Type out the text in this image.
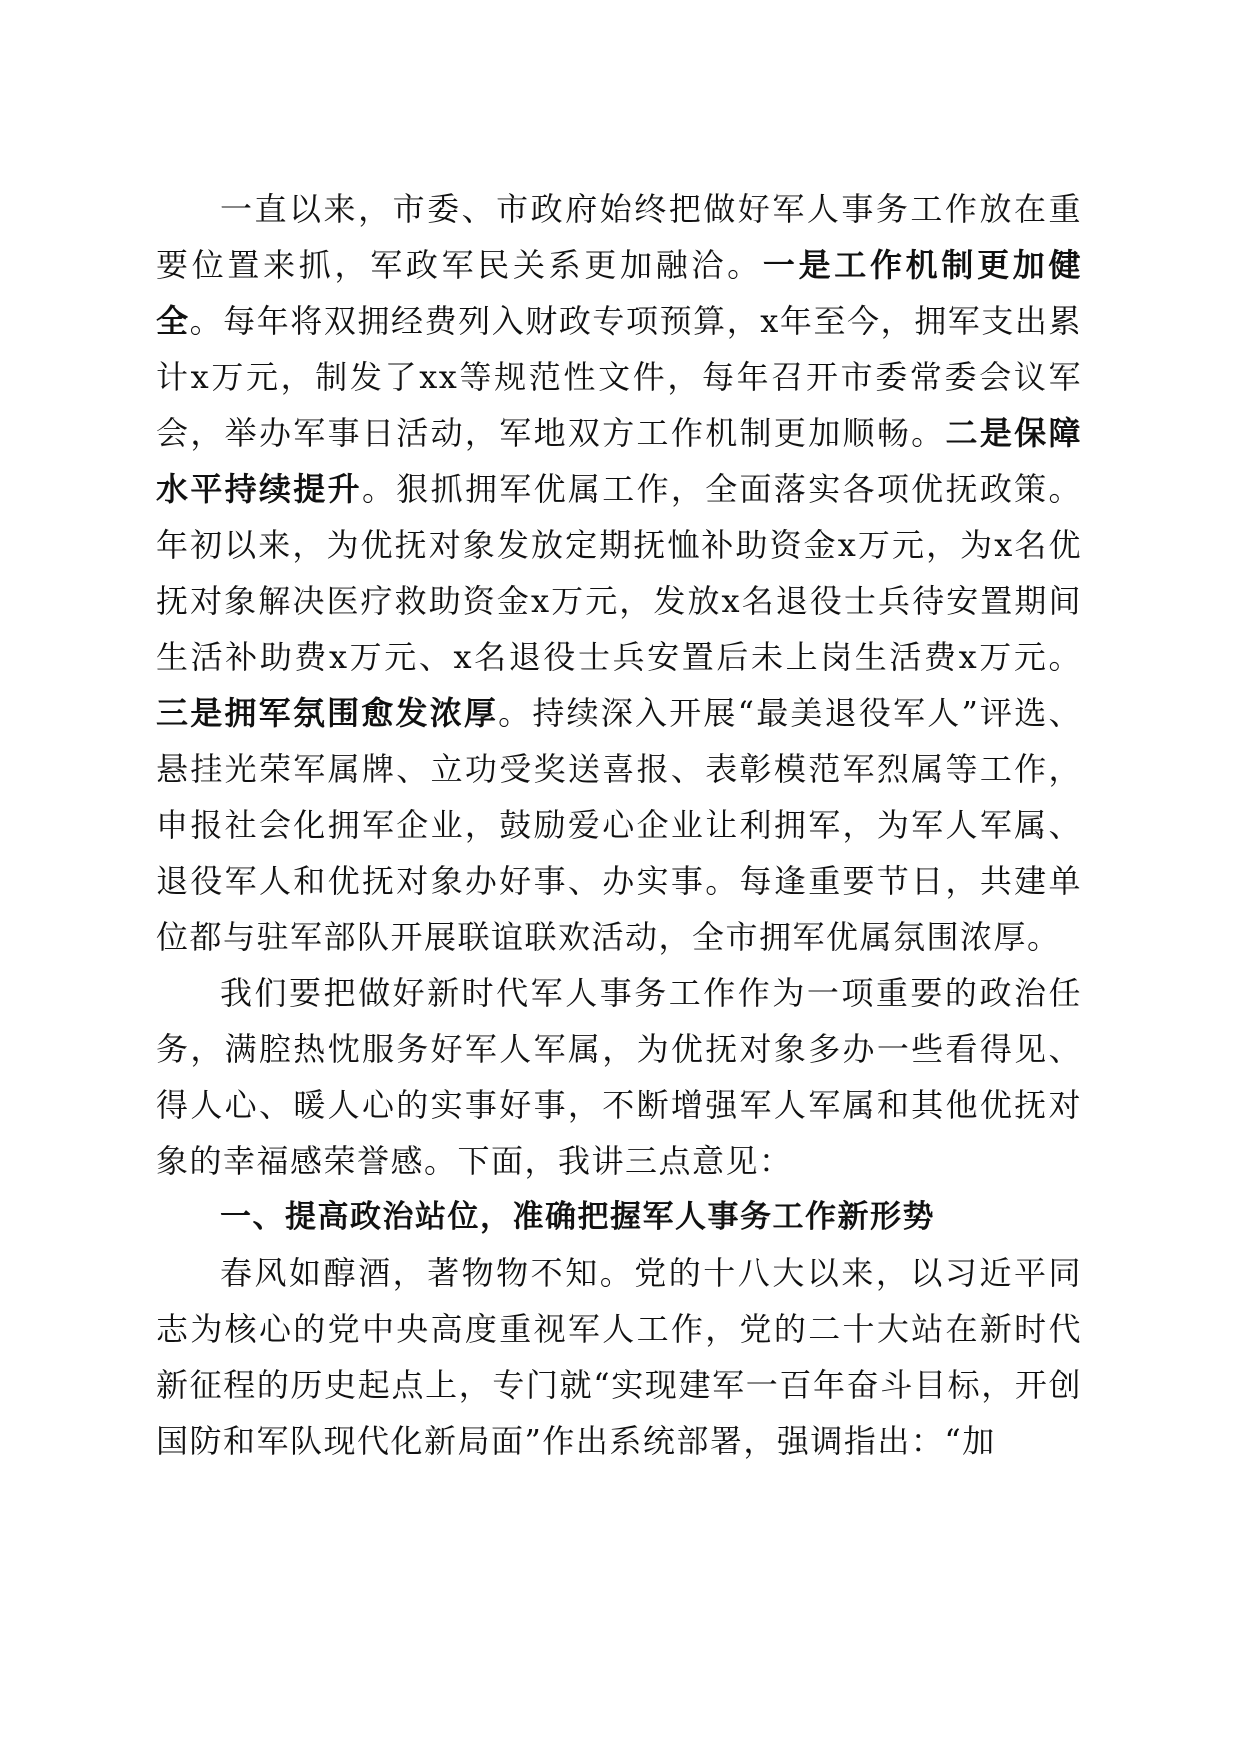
一直以来，市委、市政府始终把做好军人事务工作放在重要位置来抓，军政军民关系更加融洽。一是工作机制更加健全。每年将双拥经费列入财政专项预算，x年至今，拥军支出累计x万元，制发了xx等规范性文件，每年召开市委常委会议军会，举办军事日活动，军地双方工作机制更加顺畅。二是保障水平持续提升。狠抓拥军优属工作，全面落实各项优抚政策。年初以来，为优抚对象发放定期抚恤补助资金x万元，为x名优抚对象解决医疗救助资金x万元，发放x名退役士兵待安置期间生活补助费x万元、x名退役士兵安置后未上岗生活费x万元。三是拥军氛围愈发浓厚。持续深入开展“最美退役军人”评选、悬挂光荣军属牌、立功受奖送喜报、表彰模范军烈属等工作，申报社会化拥军企业，鼓励爱心企业让利拥军，为军人军属、退役军人和优抚对象办好事、办实事。每逢重要节日，共建单位都与驻军部队开展联谊联欢活动，全市拥军优属氛围浓厚。

我们要把做好新时代军人事务工作作为一项重要的政治任务，满腔热忱服务好军人军属，为优抚对象多办一些看得见、得人心、暖人心的实事好事，不断增强军人军属和其他优抚对象的幸福感荣誉感。下面，我讲三点意见：

一、提高政治站位，准确把握军人事务工作新形势

春风如醇酒，著物物不知。党的十八大以来，以习近平同志为核心的党中央高度重视军人工作，党的二十大站在新时代新征程的历史起点上，专门就“实现建军一百年奋斗目标，开创国防和军队现代化新局面”作出系统部署，强调指出：“加
